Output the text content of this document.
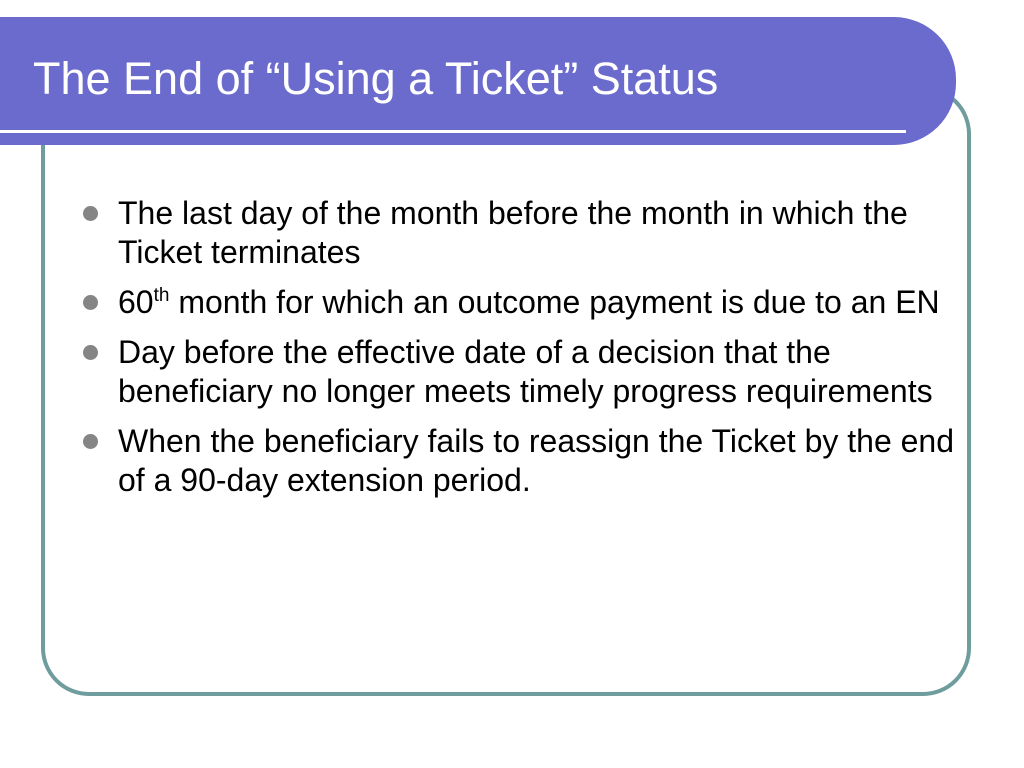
The End of “Using a Ticket” Status
The last day of the month before the month in which the Ticket terminates
60th month for which an outcome payment is due to an EN
Day before the effective date of a decision that the beneficiary no longer meets timely progress requirements
When the beneficiary fails to reassign the Ticket by the end of a 90-day extension period.
